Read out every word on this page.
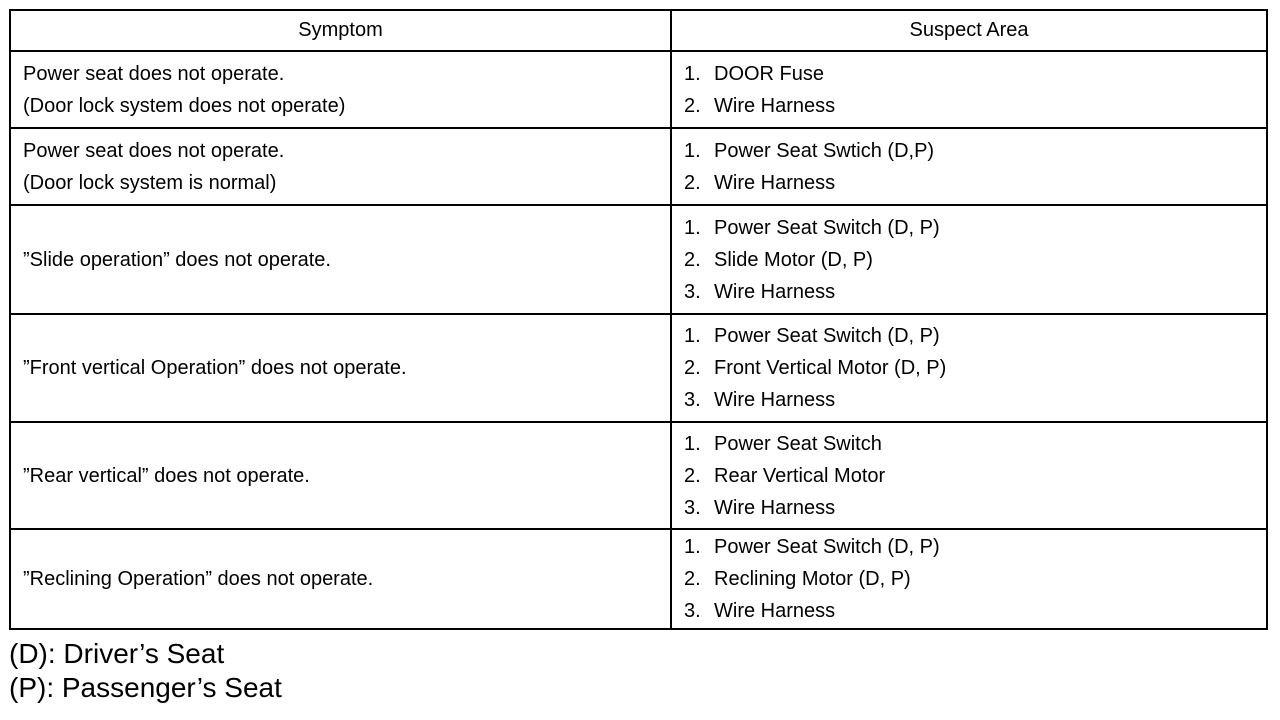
Symptom	Suspect Area
Power seat does not operate.
(Door lock system does not operate)
1. DOOR Fuse
2. Wire Harness
Power seat does not operate.
(Door lock system is normal)
1. Power Seat Swtich (D,P)
2. Wire Harness
”Slide operation” does not operate.
1. Power Seat Switch (D, P)
2. Slide Motor (D, P)
3. Wire Harness
”Front vertical Operation” does not operate.
1. Power Seat Switch (D, P)
2. Front Vertical Motor (D, P)
3. Wire Harness
”Rear vertical” does not operate.
1. Power Seat Switch
2. Rear Vertical Motor
3. Wire Harness
”Reclining Operation” does not operate.
1. Power Seat Switch (D, P)
2. Reclining Motor (D, P)
3. Wire Harness
(D): Driver’s Seat
(P): Passenger’s Seat
